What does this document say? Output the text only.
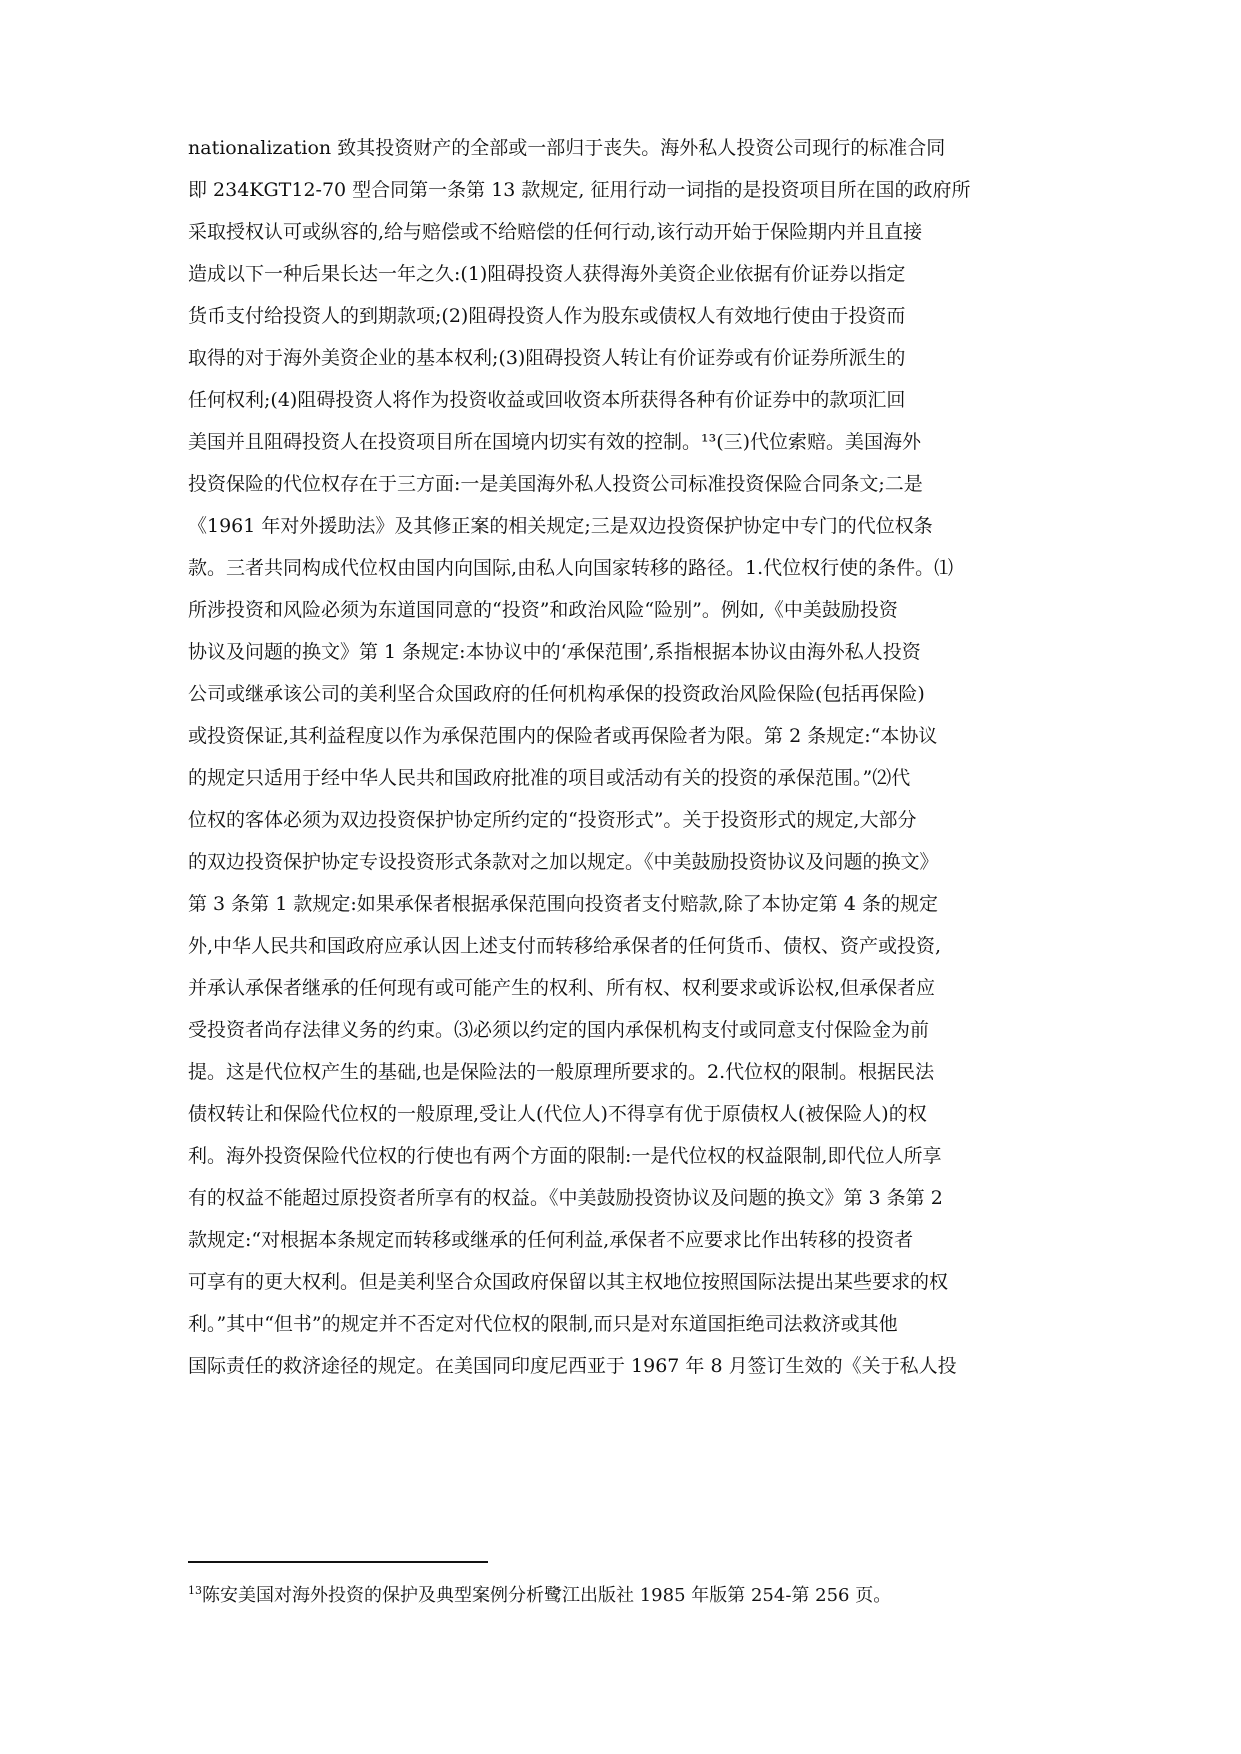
nationalization 致其投资财产的全部或一部归于丧失。海外私人投资公司现行的标准合同
即 234KGT12-70 型合同第一条第 13 款规定, 征用行动一词指的是投资项目所在国的政府所
采取授权认可或纵容的,给与赔偿或不给赔偿的任何行动,该行动开始于保险期内并且直接
造成以下一种后果长达一年之久:(1)阻碍投资人获得海外美资企业依据有价证券以指定
货币支付给投资人的到期款项;(2)阻碍投资人作为股东或债权人有效地行使由于投资而
取得的对于海外美资企业的基本权利;(3)阻碍投资人转让有价证券或有价证券所派生的
任何权利;(4)阻碍投资人将作为投资收益或回收资本所获得各种有价证券中的款项汇回
美国并且阻碍投资人在投资项目所在国境内切实有效的控制。¹³(三)代位索赔。美国海外
投资保险的代位权存在于三方面:一是美国海外私人投资公司标准投资保险合同条文;二是
《1961 年对外援助法》及其修正案的相关规定;三是双边投资保护协定中专门的代位权条
款。三者共同构成代位权由国内向国际,由私人向国家转移的路径。1.代位权行使的条件。⑴
所涉投资和风险必须为东道国同意的“投资”和政治风险“险别”。例如,《中美鼓励投资
协议及问题的换文》第 1 条规定:本协议中的‘承保范围’,系指根据本协议由海外私人投资
公司或继承该公司的美利坚合众国政府的任何机构承保的投资政治风险保险(包括再保险)
或投资保证,其利益程度以作为承保范围内的保险者或再保险者为限。第 2 条规定:“本协议
的规定只适用于经中华人民共和国政府批准的项目或活动有关的投资的承保范围。”⑵代
位权的客体必须为双边投资保护协定所约定的“投资形式”。关于投资形式的规定,大部分
的双边投资保护协定专设投资形式条款对之加以规定。《中美鼓励投资协议及问题的换文》
第 3 条第 1 款规定:如果承保者根据承保范围向投资者支付赔款,除了本协定第 4 条的规定
外,中华人民共和国政府应承认因上述支付而转移给承保者的任何货币、债权、资产或投资,
并承认承保者继承的任何现有或可能产生的权利、所有权、权利要求或诉讼权,但承保者应
受投资者尚存法律义务的约束。⑶必须以约定的国内承保机构支付或同意支付保险金为前
提。这是代位权产生的基础,也是保险法的一般原理所要求的。2.代位权的限制。根据民法
债权转让和保险代位权的一般原理,受让人(代位人)不得享有优于原债权人(被保险人)的权
利。海外投资保险代位权的行使也有两个方面的限制:一是代位权的权益限制,即代位人所享
有的权益不能超过原投资者所享有的权益。《中美鼓励投资协议及问题的换文》第 3 条第 2
款规定:“对根据本条规定而转移或继承的任何利益,承保者不应要求比作出转移的投资者
可享有的更大权利。但是美利坚合众国政府保留以其主权地位按照国际法提出某些要求的权
利。”其中“但书”的规定并不否定对代位权的限制,而只是对东道国拒绝司法救济或其他
国际责任的救济途径的规定。在美国同印度尼西亚于 1967 年 8 月签订生效的《关于私人投
$^{13}$陈安美国对海外投资的保护及典型案例分析鹭江出版社 1985 年版第 254-第 256 页。
